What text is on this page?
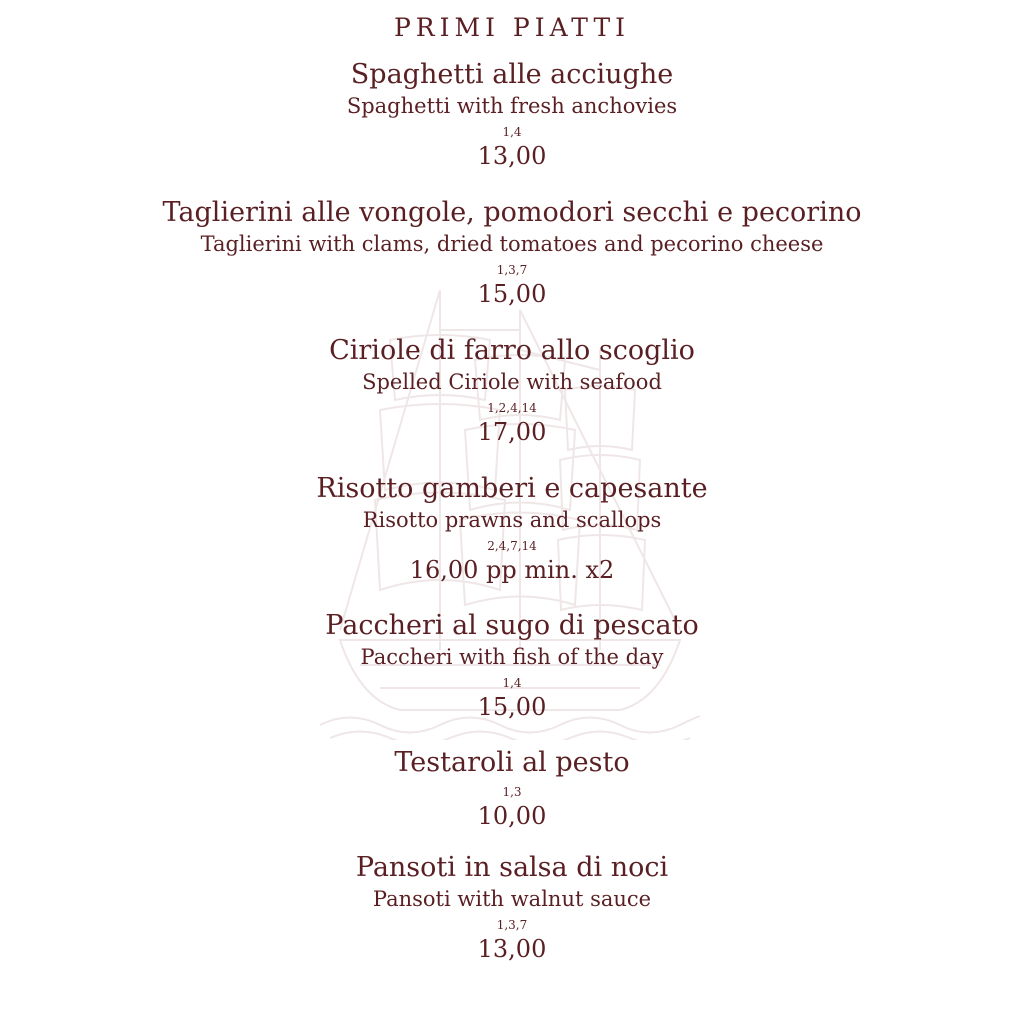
PRIMI PIATTI
Spaghetti alle acciughe
Spaghetti with fresh anchovies
1,4
13,00
Taglierini alle vongole, pomodori secchi e pecorino
Taglierini with clams, dried tomatoes and pecorino cheese
1,3,7
15,00
Ciriole di farro allo scoglio
Spelled Ciriole with seafood
1,2,4,14
17,00
Risotto gamberi e capesante
Risotto prawns and scallops
2,4,7,14
16,00 pp min. x2
Paccheri al sugo di pescato
Paccheri with fish of the day
1,4
15,00
Testaroli al pesto
1,3
10,00
Pansoti in salsa di noci
Pansoti with walnut sauce
1,3,7
13,00
